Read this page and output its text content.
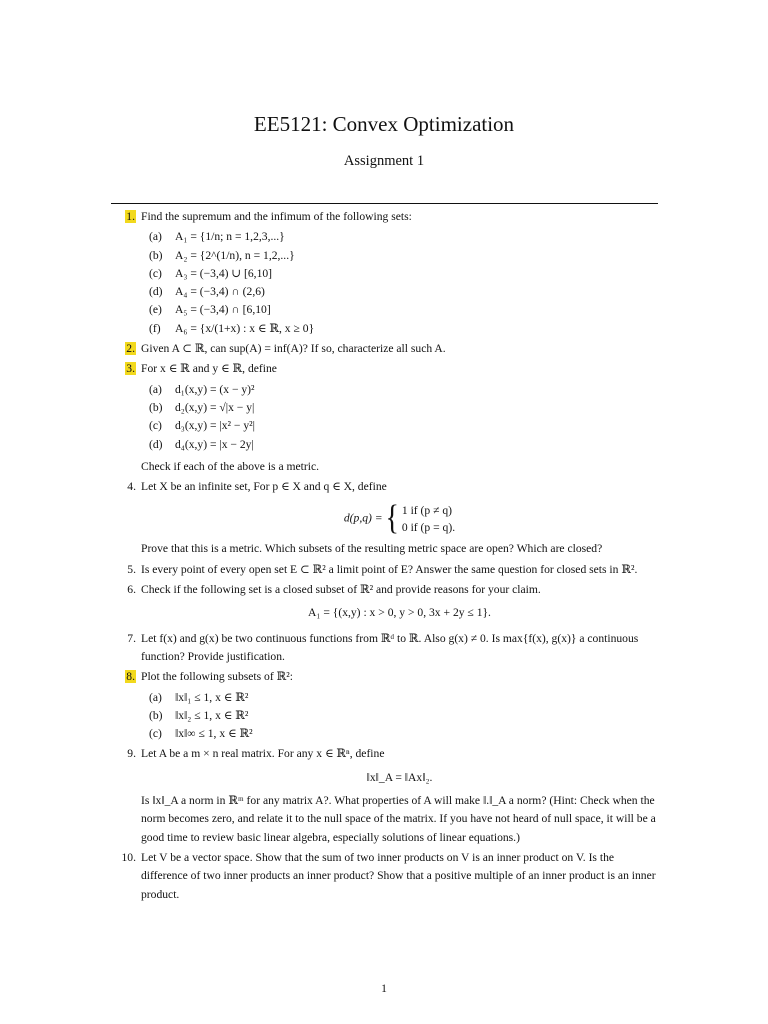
EE5121: Convex Optimization
Assignment 1
1. Find the supremum and the infimum of the following sets:
(a) A₁ = {1/n; n = 1,2,3,...}
(b) A₂ = {2^(1/n), n = 1,2,...}
(c) A₃ = (−3,4) ∪ [6,10]
(d) A₄ = (−3,4) ∩ (2,6)
(e) A₅ = (−3,4) ∩ [6,10]
(f) A₆ = {x/(1+x) : x ∈ ℝ, x ≥ 0}
2. Given A ⊂ ℝ, can sup(A) = inf(A)? If so, characterize all such A.
3. For x ∈ ℝ and y ∈ ℝ, define
(a) d₁(x,y) = (x − y)²
(b) d₂(x,y) = √|x − y|
(c) d₃(x,y) = |x² − y²|
(d) d₄(x,y) = |x − 2y|
Check if each of the above is a metric.
4. Let X be an infinite set, For p ∈ X and q ∈ X, define
d(p,q) = { 1 if (p ≠ q)
0 if (p = q).
Prove that this is a metric. Which subsets of the resulting metric space are open? Which are closed?
5. Is every point of every open set E ⊂ ℝ² a limit point of E? Answer the same question for closed sets in ℝ².
6. Check if the following set is a closed subset of ℝ² and provide reasons for your claim.
A₁ = {(x,y) : x > 0, y > 0, 3x + 2y ≤ 1}.
7. Let f(x) and g(x) be two continuous functions from ℝᵈ to ℝ. Also g(x) ≠ 0. Is max{f(x), g(x)} a continuous function? Provide justification.
8. Plot the following subsets of ℝ²:
(a) ‖x‖₁ ≤ 1, x ∈ ℝ²
(b) ‖x‖₂ ≤ 1, x ∈ ℝ²
(c) ‖x‖∞ ≤ 1, x ∈ ℝ²
9. Let A be a m × n real matrix. For any x ∈ ℝⁿ, define
‖x‖_A = ‖Ax‖₂.
Is ‖x‖_A a norm in ℝᵐ for any matrix A?. What properties of A will make ‖.‖_A a norm? (Hint: Check when the norm becomes zero, and relate it to the null space of the matrix. If you have not heard of null space, it will be a good time to review basic linear algebra, especially solutions of linear equations.)
10. Let V be a vector space. Show that the sum of two inner products on V is an inner product on V. Is the difference of two inner products an inner product? Show that a positive multiple of an inner product is an inner product.
1
